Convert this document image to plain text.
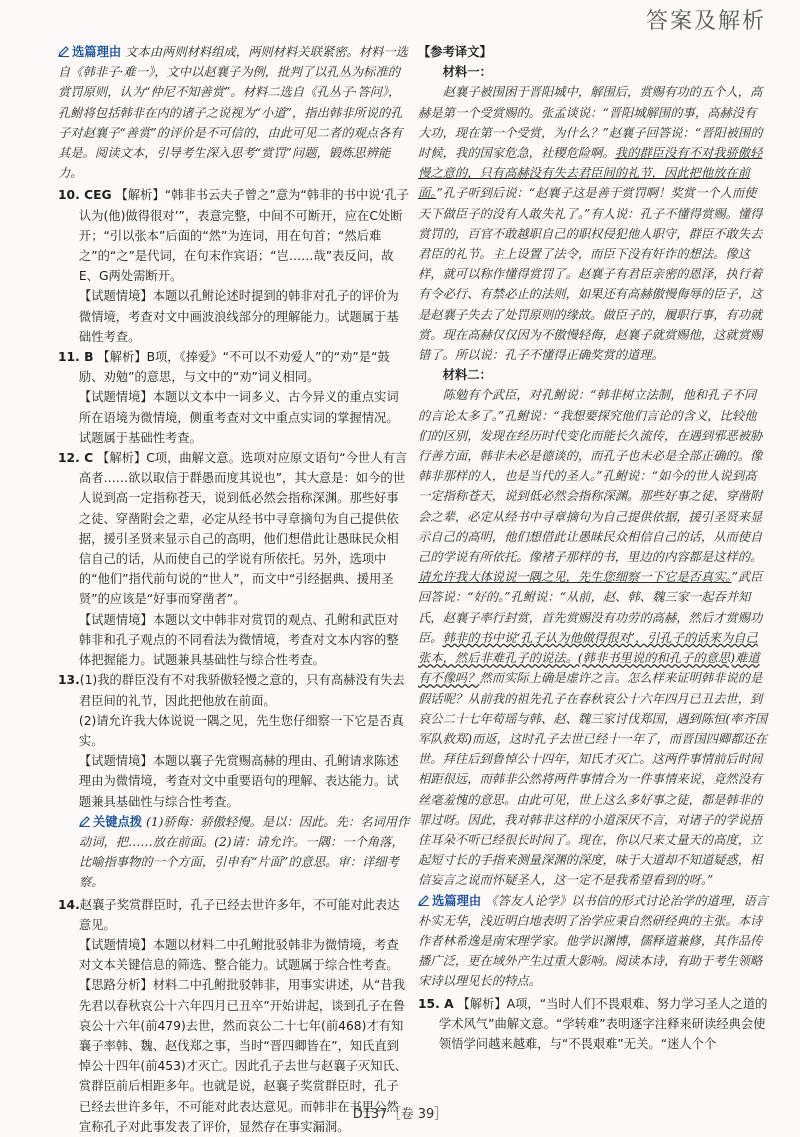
答案及解析
选篇理由 文本由两则材料组成，两则材料关联紧密。材料一选自《韩非子·难一》，文中以赵襄子为例，批判了以孔丛为标准的赏罚原则，认为“仲尼不知善赏”。材料二选自《孔丛子·答问》，孔鲋将包括韩非在内的诸子之说视为“小道”，指出韩非所说的孔子对赵襄子“善赏”的评价是不可信的，由此可见二者的观点各有其是。阅读文本，引导考生深入思考“赏罚”问题，锻炼思辨能力。
10. CEG 【解析】“韩非书云夫子曾之”意为“韩非的书中说‘孔子认为(他)做得很对’”，表意完整，中间不可断开，应在C处断开；“引以张本”后面的“然”为连词，用在句首；“然后难之”的“之”是代词，在句末作宾语；“岂……哉”表反问，故E、G两处需断开。
【试题情境】本题以孔鲋论述时提到的韩非对孔子的评价为微情境，考查对文中画波浪线部分的理解能力。试题属于基础性考查。
11. B 【解析】B项，《捧爱》“不可以不劝爱人”的“劝”是“鼓励、劝勉”的意思，与文中的“劝”词义相同。
【试题情境】本题以文本中一词多义、古今异义的重点实词所在语境为微情境，侧重考查对文中重点实词的掌握情况。试题属于基础性考查。
12. C 【解析】C项，曲解文意。选项对应原文语句“今世人有言高者……欲以取信于群愚而度其说也”，其大意是：如今的世人说到高一定指称苍天，说到低必然会指称深渊。那些好事之徒、穿凿附会之辈，必定从经书中寻章摘句为自己提供依据，援引圣贤来显示自己的高明，他们想借此让愚昧民众相信自己的话，从而使自己的学说有所依托。另外，选项中的“他们”指代前句说的“世人”，而文中“引经据典、援用圣贤”的应该是“好事而穿凿者”。
【试题情境】本题以文中韩非对赏罚的观点、孔鲋和武臣对韩非和孔子观点的不同看法为微情境，考查对文本内容的整体把握能力。试题兼具基础性与综合性考查。
13.(1)我的群臣没有不对我骄傲轻慢之意的，只有高赫没有失去君臣间的礼节，因此把他放在前面。
(2)请允许我大体说说一隅之见，先生您仔细察一下它是否真实。
【试题情境】本题以襄子先赏赐高赫的理由、孔鲋请求陈述理由为微情境，考查对文中重要语句的理解、表达能力。试题兼具基础性与综合性考查。
关键点拨 (1)骄侮：骄傲轻慢。是以：因此。先：名词用作动词，把……放在前面。(2)请：请允许。一隅：一个角落，比喻指事物的一个方面，引申有“片面”的意思。审：详细考察。
14.赵襄子奖赏群臣时，孔子已经去世许多年，不可能对此表达意见。
【试题情境】本题以材料二中孔鲋批驳韩非为微情境，考查对文本关键信息的筛选、整合能力。试题属于综合性考查。
【思路分析】材料二中孔鲋批驳韩非，用事实讲述，从“昔我先君以春秋哀公十六年四月已丑卒”开始讲起，谈到孔子在鲁哀公十六年(前479)去世，然而哀公二十七年(前468)才有知襄子率韩、魏、赵伐郑之事，当时“晋四卿皆在”，知氏直到悼公十四年(前453)才灭亡。因此孔子去世与赵襄子灭知氏、赏群臣前后相距多年。也就是说，赵襄子奖赏群臣时，孔子已经去世许多年，不可能对此表达意见。而韩非在书里公然宣称孔子对此事发表了评价，显然存在事实漏洞。
【参考译文】
材料一：
赵襄子被围困于晋阳城中，解围后，赏赐有功的五个人，高赫是第一个受赏赐的。张孟谈说：“晋阳城解围的事，高赫没有大功，现在第一个受赏，为什么？”赵襄子回答说：“晋阳被围的时候，我的国家危急，社稷危险啊。我的群臣没有不对我骄傲轻慢之意的，只有高赫没有失去君臣间的礼节，因此把他放在前面。”孔子听到后说：“赵襄子这是善于赏罚啊！奖赏一个人而使天下做臣子的没有人敢失礼了。”有人说：孔子不懂得赏赐。懂得赏罚的，百官不敢越职自己的职权侵犯他人职守，群臣不敢失去君臣的礼节。主上设置了法令，而臣下没有奸诈的想法。像这样，就可以称作懂得赏罚了。赵襄子有君臣亲密的恩泽，执行着有令必行、有禁必止的法则，如果还有高赫傲慢侮辱的臣子，这是赵襄子失去了处罚原则的缘故。做臣子的，履职行事，有功就赏。现在高赫仅仅因为不傲慢轻侮，赵襄子就赏赐他，这就赏赐错了。所以说：孔子不懂得正确奖赏的道理。
材料二：
陈勉有个武臣，对孔鲋说：“韩非树立法制，他和孔子不同的言论太多了。”孔鲋说：“我想要探究他们言论的含义，比较他们的区别，发现在经历时代变化而能长久流传，在遇到邪恶被胁行善方面，韩非未必是德谈的，而孔子也未必是全部正确的。像韩非那样的人，也是当代的圣人。”孔鲋说：“如今的世人说到高一定指称苍天，说到低必然会指称深渊。那些好事之徒、穿凿附会之辈，必定从经书中寻章摘句为自己提供依据，援引圣贤来显示自己的高明，他们想借此让愚昧民众相信自己的话，从而使自己的学说有所依托。像褚子那样的书，里边的内容都是这样的。请允许我大体说说一隅之见，先生您细察一下它是否真实。”武臣回答说：“好的。”孔鲋说：“从前，赵、韩、魏三家一起吞并知氏，赵襄子率行封赏，首先赏赐没有功劳的高赫，然后才赏赐功臣。韩非的书中说‘孔子认为他做得很对’，引孔子的话来为自己张本，然后非难孔子的说法。(韩非书里说的和孔子的意思)难道有不像吗？然而实际上确是虚许之言。怎么样来证明韩非说的是假话呢？从前我的祖先孔子在春秋哀公十六年四月已丑去世，到哀公二十七年荀瑶与韩、赵、魏三家讨伐郑国，遇到陈恒(率齐国军队救郑)而返，这时孔子去世已经十一年了，而晋国四卿都还在世。拜往后到鲁悼公十四年，知氏才灭亡。这两件事情前后时间相距很远，而韩非公然将两件事情合为一件事情来说，竟然没有丝毫羞愧的意思。由此可见，世上这么多好事之徒，都是韩非的罪过呀。因此，我对韩非这样的小道深厌不言，对诸子的学说捂住耳朵不听已经很长时间了。现在，你以尺来丈量天的高度，立起短寸长的手指来测量深渊的深度，味于大道却不知道疑惑，相信妄言之说而怀疑圣人，这一定不是我希望看到的呀。”
选篇理由 《答友人论学》以书信的形式讨论治学的道理，语言朴实无华，浅近明白地表明了治学应秉自然研经典的主张。本诗作者林希逸是南宋理学家。他学识渊博，儒释道兼修，其作品传播广泛，更在域外产生过重大影响。阅读本诗，有助于考生领略宋诗以理见长的特点。
15. A 【解析】A项，“当时人们不畏艰难、努力学习圣人之道的学术风气”曲解文意。“学转难”表明逐字注释来研读经典会使领悟学问越来越难，与“不畏艰难”无关。“迷人个个
D137［卷 39］
